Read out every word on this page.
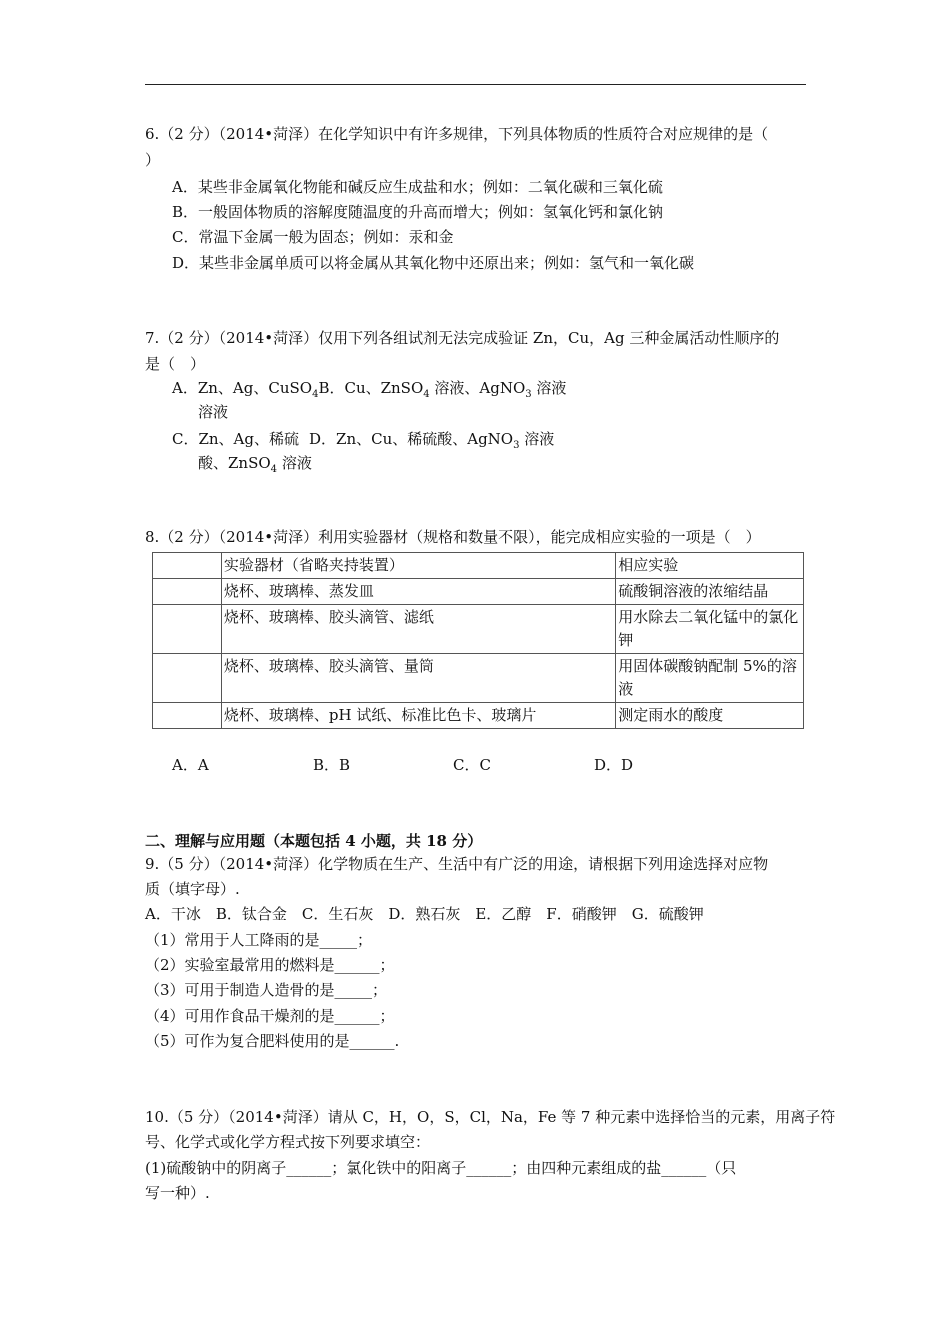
6.（2 分）（2014•菏泽）在化学知识中有许多规律，下列具体物质的性质符合对应规律的是（
）
A．某些非金属氧化物能和碱反应生成盐和水；例如：二氧化碳和三氧化硫
B．一般固体物质的溶解度随温度的升高而增大；例如：氢氧化钙和氯化钠
C．常温下金属一般为固态；例如：汞和金
D．某些非金属单质可以将金属从其氧化物中还原出来；例如：氢气和一氧化碳
7.（2 分）（2014•菏泽）仅用下列各组试剂无法完成验证 Zn，Cu，Ag 三种金属活动性顺序的
是（　）
A．Zn、Ag、CuSO$_4$B．Cu、ZnSO$_4$ 溶液、AgNO$_3$ 溶液
溶液
C．Zn、Ag、稀硫 D．Zn、Cu、稀硫酸、AgNO$_3$ 溶液
酸、ZnSO$_4$ 溶液
8.（2 分）（2014•菏泽）利用实验器材（规格和数量不限），能完成相应实验的一项是（　）
	实验器材（省略夹持装置）	相应实验
	烧杯、玻璃棒、蒸发皿	硫酸铜溶液的浓缩结晶
	烧杯、玻璃棒、胶头滴管、滤纸	用水除去二氧化锰中的氯化钾
	烧杯、玻璃棒、胶头滴管、量筒	用固体碳酸钠配制 5%的溶液
	烧杯、玻璃棒、pH 试纸、标准比色卡、玻璃片	测定雨水的酸度
A．A	B．B	C．C	D．D
二、理解与应用题（本题包括 4 小题，共 18 分）
9.（5 分）（2014•菏泽）化学物质在生产、生活中有广泛的用途，请根据下列用途选择对应物
质（填字母）.
A．干冰　B．钛合金　C．生石灰　D．熟石灰　E．乙醇　F．硝酸钾　G．硫酸钾
（1）常用于人工降雨的是_____；
（2）实验室最常用的燃料是______；
（3）可用于制造人造骨的是_____；
（4）可用作食品干燥剂的是______；
（5）可作为复合肥料使用的是______.
10.（5 分）（2014•菏泽）请从 C，H，O，S，Cl，Na，Fe 等 7 种元素中选择恰当的元素，用离子符
号、化学式或化学方程式按下列要求填空：
(1)硫酸钠中的阴离子______；氯化铁中的阳离子______；由四种元素组成的盐______（只
写一种）.
